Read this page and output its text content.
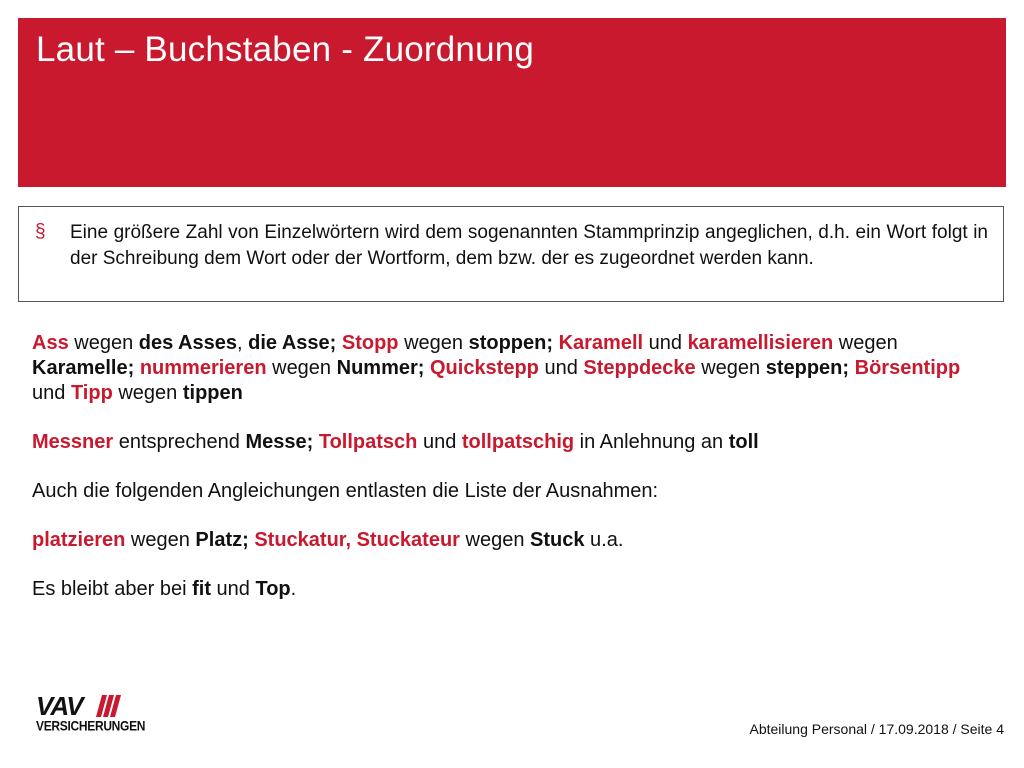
Laut – Buchstaben - Zuordnung
§ Eine größere Zahl von Einzelwörtern wird dem sogenannten Stammprinzip angeglichen, d.h. ein Wort folgt in der Schreibung dem Wort oder der Wortform, dem bzw. der es zugeordnet werden kann.

Ass wegen des Asses, die Asse; Stopp wegen stoppen; Karamell und karamellisieren wegen Karamelle; nummerieren wegen Nummer; Quickstepp und Steppdecke wegen steppen; Börsentipp und Tipp wegen tippen

Messner entsprechend Messe; Tollpatsch und tollpatschig in Anlehnung an toll

Auch die folgenden Angleichungen entlasten die Liste der Ausnahmen:

platzieren wegen Platz; Stuckatur, Stuckateur wegen Stuck u.a.

Es bleibt aber bei fit und Top.

VAV
VERSICHERUNGEN	Abteilung Personal / 17.09.2018 / Seite 4
